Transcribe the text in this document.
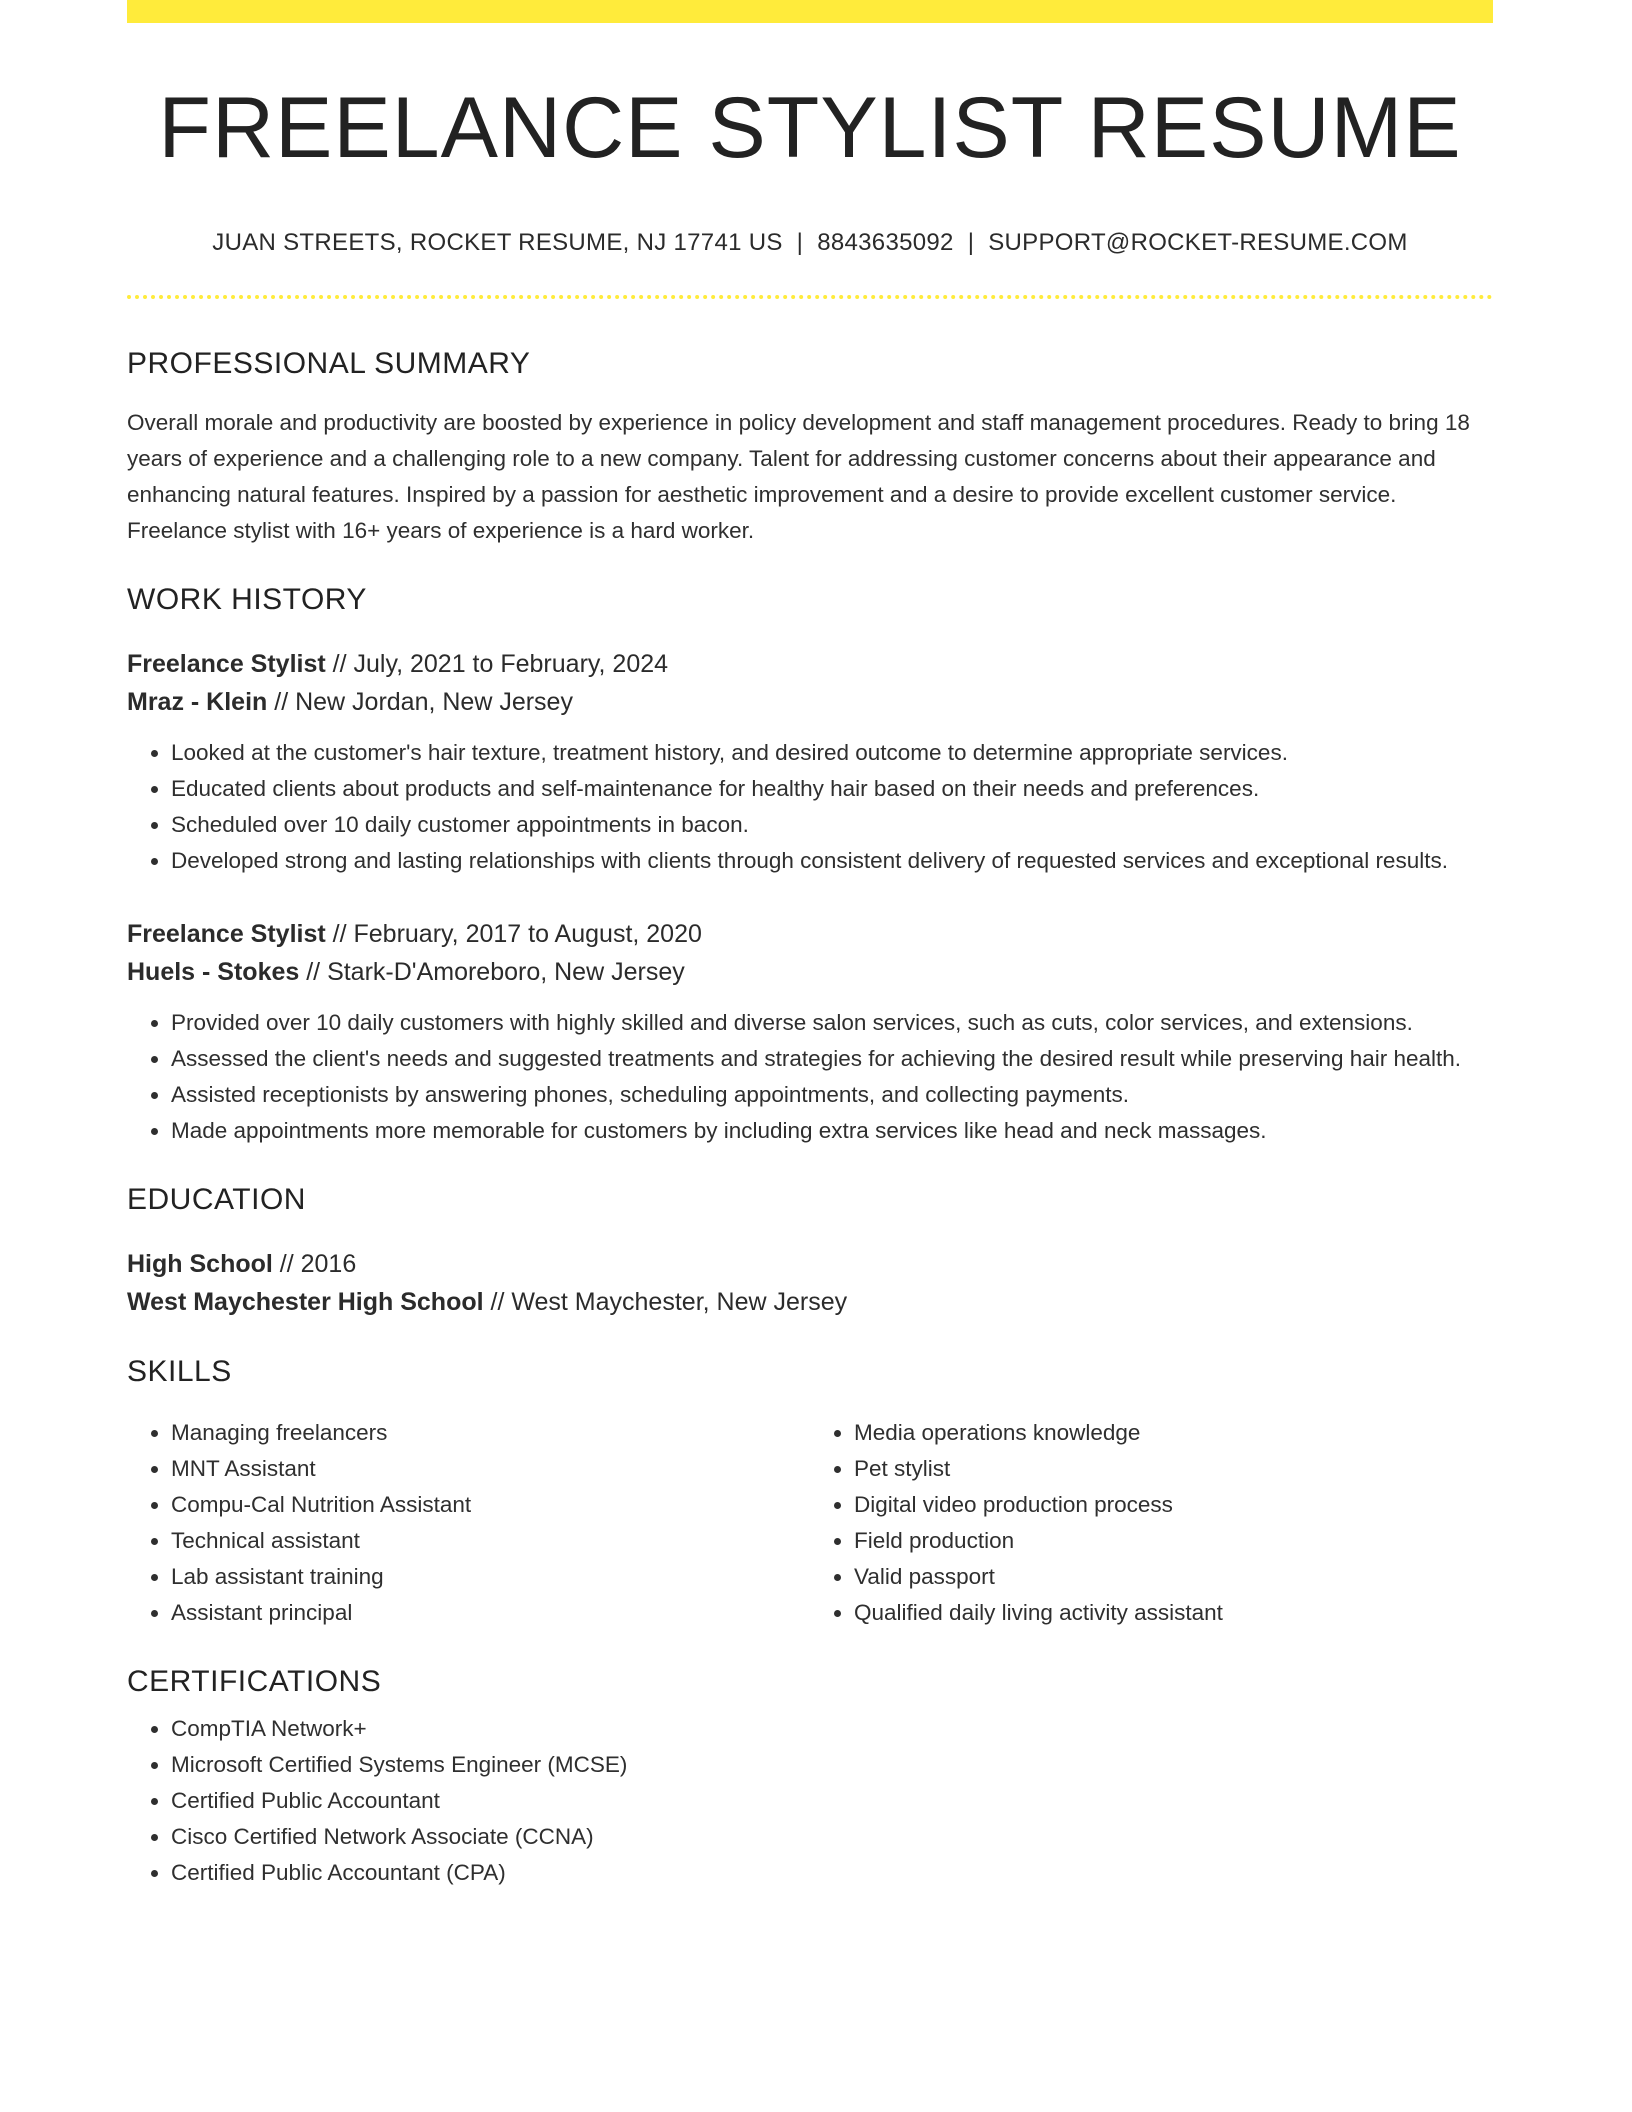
FREELANCE STYLIST RESUME
JUAN STREETS, ROCKET RESUME, NJ 17741 US | 8843635092 | SUPPORT@ROCKET-RESUME.COM
PROFESSIONAL SUMMARY

Overall morale and productivity are boosted by experience in policy development and staff management procedures. Ready to bring 18 years of experience and a challenging role to a new company. Talent for addressing customer concerns about their appearance and enhancing natural features. Inspired by a passion for aesthetic improvement and a desire to provide excellent customer service. Freelance stylist with 16+ years of experience is a hard worker.

WORK HISTORY
Freelance Stylist // July, 2021 to February, 2024
Mraz - Klein // New Jordan, New Jersey
• Looked at the customer's hair texture, treatment history, and desired outcome to determine appropriate services.
• Educated clients about products and self-maintenance for healthy hair based on their needs and preferences.
• Scheduled over 10 daily customer appointments in bacon.
• Developed strong and lasting relationships with clients through consistent delivery of requested services and exceptional results.
Freelance Stylist // February, 2017 to August, 2020
Huels - Stokes // Stark-D'Amoreboro, New Jersey
• Provided over 10 daily customers with highly skilled and diverse salon services, such as cuts, color services, and extensions.
• Assessed the client's needs and suggested treatments and strategies for achieving the desired result while preserving hair health.
• Assisted receptionists by answering phones, scheduling appointments, and collecting payments.
• Made appointments more memorable for customers by including extra services like head and neck massages.
EDUCATION
High School // 2016
West Maychester High School // West Maychester, New Jersey
SKILLS
• Managing freelancers
• MNT Assistant
• Compu-Cal Nutrition Assistant
• Technical assistant
• Lab assistant training
• Assistant principal
• Media operations knowledge
• Pet stylist
• Digital video production process
• Field production
• Valid passport
• Qualified daily living activity assistant
CERTIFICATIONS
• CompTIA Network+
• Microsoft Certified Systems Engineer (MCSE)
• Certified Public Accountant
• Cisco Certified Network Associate (CCNA)
• Certified Public Accountant (CPA)
